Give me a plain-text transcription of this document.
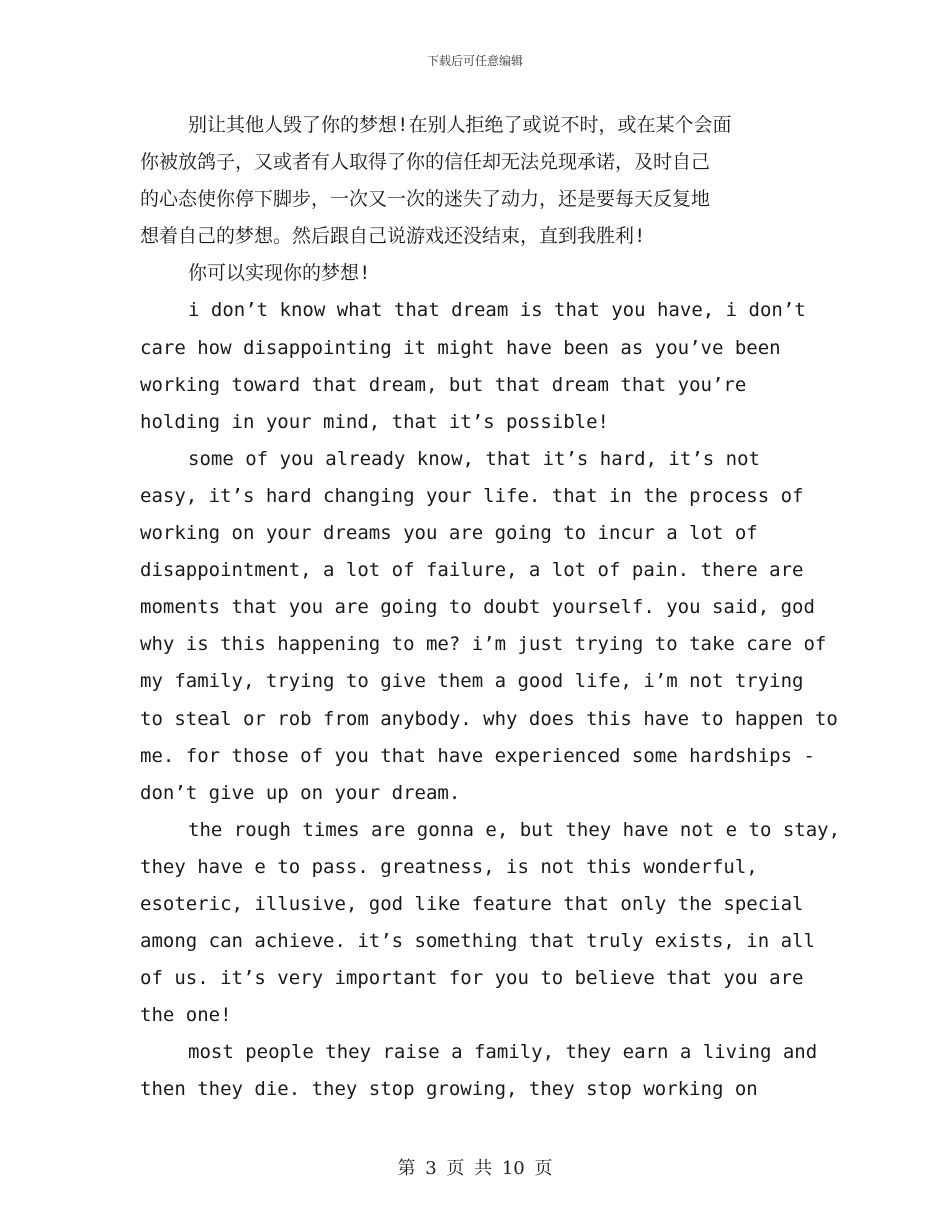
下载后可任意编辑
别让其他人毁了你的梦想!在别人拒绝了或说不时，或在某个会面
你被放鸽子，又或者有人取得了你的信任却无法兑现承诺，及时自己
的心态使你停下脚步，一次又一次的迷失了动力，还是要每天反复地
想着自己的梦想。然后跟自己说游戏还没结束，直到我胜利!
你可以实现你的梦想!
i don’t know what that dream is that you have, i don’t
care how disappointing it might have been as you’ve been
working toward that dream, but that dream that you’re
holding in your mind, that it’s possible!
some of you already know, that it’s hard, it’s not
easy, it’s hard changing your life. that in the process of
working on your dreams you are going to incur a lot of
disappointment, a lot of failure, a lot of pain. there are
moments that you are going to doubt yourself. you said, god
why is this happening to me? i’m just trying to take care of
my family, trying to give them a good life, i’m not trying
to steal or rob from anybody. why does this have to happen to
me. for those of you that have experienced some hardships -
don’t give up on your dream.
the rough times are gonna e, but they have not e to stay,
they have e to pass. greatness, is not this wonderful,
esoteric, illusive, god like feature that only the special
among can achieve. it’s something that truly exists, in all
of us. it’s very important for you to believe that you are
the one!
most people they raise a family, they earn a living and
then they die. they stop growing, they stop working on
第 3 页 共 10 页
